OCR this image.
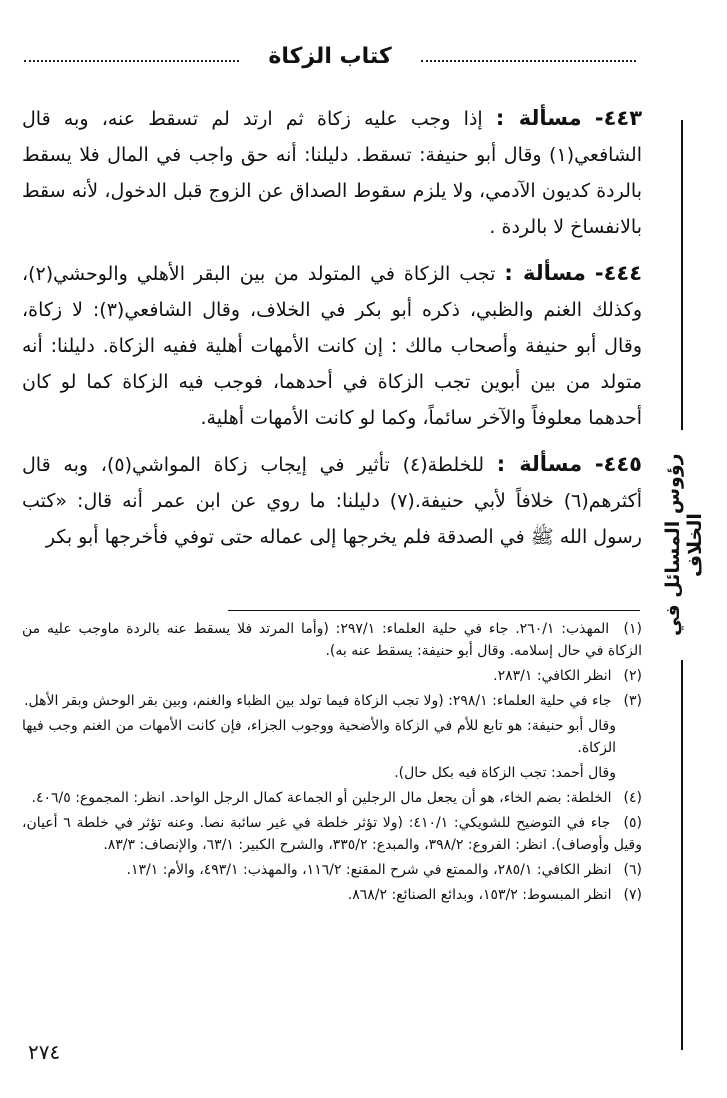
كتاب الزكاة
رؤوس المسائل في الخلاف

٤٤٣- مسألة : إذا وجب عليه زكاة ثم ارتد لم تسقط عنه، وبه قال الشافعي(١) وقال أبو حنيفة: تسقط. دليلنا: أنه حق واجب في المال فلا يسقط بالردة كديون الآدمي، ولا يلزم سقوط الصداق عن الزوج قبل الدخول، لأنه سقط بالانفساخ لا بالردة .

٤٤٤- مسألة : تجب الزكاة في المتولد من بين البقر الأهلي والوحشي(٢)، وكذلك الغنم والظبي، ذكره أبو بكر في الخلاف، وقال الشافعي(٣): لا زكاة، وقال أبو حنيفة وأصحاب مالك : إن كانت الأمهات أهلية ففيه الزكاة. دليلنا: أنه متولد من بين أبوين تجب الزكاة في أحدهما، فوجب فيه الزكاة كما لو كان أحدهما معلوفاً والآخر سائماً، وكما لو كانت الأمهات أهلية.

٤٤٥- مسألة : للخلطة(٤) تأثير في إيجاب زكاة المواشي(٥)، وبه قال أكثرهم(٦) خلافاً لأبي حنيفة.(٧) دليلنا: ما روي عن ابن عمر أنه قال: «كتب رسول الله ﷺ في الصدقة فلم يخرجها إلى عماله حتى توفي فأخرجها أبو بكر

(١) المهذب: ٢٦٠/١. جاء في حلية العلماء: ٢٩٧/١: (وأما المرتد فلا يسقط عنه بالردة ماوجب عليه من الزكاة في حال إسلامه. وقال أبو حنيفة: يسقط عنه به).

(٢) انظر الكافي: ٢٨٣/١.

(٣) جاء في حلية العلماء: ٢٩٨/١: (ولا تجب الزكاة فيما تولد بين الظباء والغنم، وبين بقر الوحش وبقر الأهل.

وقال أبو حنيفة: هو تابع للأم في الزكاة والأضحية ووجوب الجزاء، فإن كانت الأمهات من الغنم وجب فيها الزكاة.

وقال أحمد: تجب الزكاة فيه بكل حال).

(٤) الخلطة: بضم الخاء، هو أن يجعل مال الرجلين أو الجماعة كمال الرجل الواحد. انظر: المجموع: ٤٠٦/٥.

(٥) جاء في التوضيح للشويكي: ٤١٠/١: (ولا تؤثر خلطة في غير سائبة نصا. وعنه تؤثر في خلطة ٦ أعيان، وقيل وأوصاف). انظر: الفروع: ٣٩٨/٢، والمبدع: ٣٣٥/٢، والشرح الكبير: ٦٣/١، والإنصاف: ٨٣/٣.

(٦) انظر الكافي: ٢٨٥/١، والممتع في شرح المقنع: ١١٦/٢، والمهذب: ٤٩٣/١، والأم: ١٣/١.

(٧) انظر المبسوط: ١٥٣/٢، وبدائع الصنائع: ٨٦٨/٢.

٢٧٤
